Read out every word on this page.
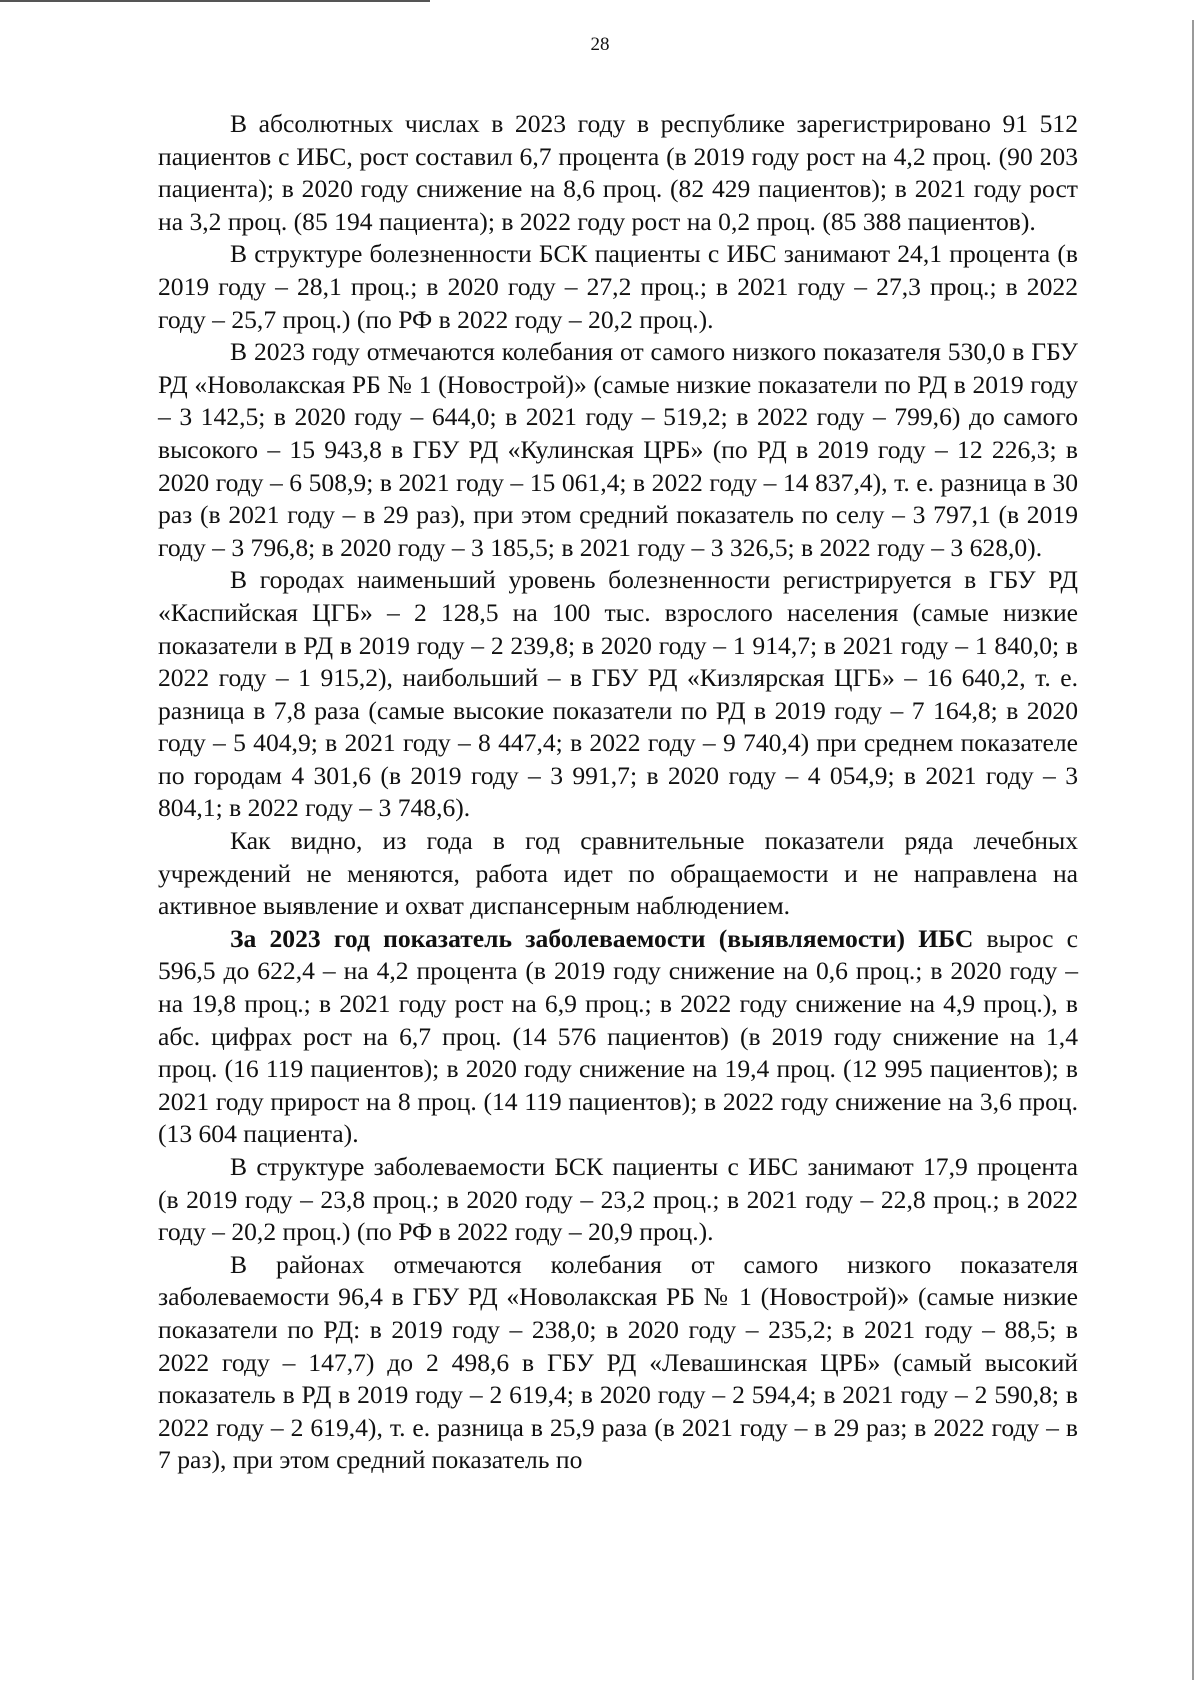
28

В абсолютных числах в 2023 году в республике зарегистрировано 91 512 пациентов с ИБС, рост составил 6,7 процента (в 2019 году рост на 4,2 проц. (90 203 пациента); в 2020 году снижение на 8,6 проц. (82 429 пациентов); в 2021 году рост на 3,2 проц. (85 194 пациента); в 2022 году рост на 0,2 проц. (85 388 пациентов).

В структуре болезненности БСК пациенты с ИБС занимают 24,1 процента (в 2019 году – 28,1 проц.; в 2020 году – 27,2 проц.; в 2021 году – 27,3 проц.; в 2022 году – 25,7 проц.) (по РФ в 2022 году – 20,2 проц.).

В 2023 году отмечаются колебания от самого низкого показателя 530,0 в ГБУ РД «Новолакская РБ № 1 (Новострой)» (самые низкие показатели по РД в 2019 году – 3 142,5; в 2020 году – 644,0; в 2021 году – 519,2; в 2022 году – 799,6) до самого высокого – 15 943,8 в ГБУ РД «Кулинская ЦРБ» (по РД в 2019 году – 12 226,3; в 2020 году – 6 508,9; в 2021 году – 15 061,4; в 2022 году – 14 837,4), т. е. разница в 30 раз (в 2021 году – в 29 раз), при этом средний показатель по селу – 3 797,1 (в 2019 году – 3 796,8; в 2020 году – 3 185,5; в 2021 году – 3 326,5; в 2022 году – 3 628,0).

В городах наименьший уровень болезненности регистрируется в ГБУ РД «Каспийская ЦГБ» – 2 128,5 на 100 тыс. взрослого населения (самые низкие показатели в РД в 2019 году – 2 239,8; в 2020 году – 1 914,7; в 2021 году – 1 840,0; в 2022 году – 1 915,2), наибольший – в ГБУ РД «Кизлярская ЦГБ» – 16 640,2, т. е. разница в 7,8 раза (самые высокие показатели по РД в 2019 году – 7 164,8; в 2020 году – 5 404,9; в 2021 году – 8 447,4; в 2022 году – 9 740,4) при среднем показателе по городам 4 301,6 (в 2019 году – 3 991,7; в 2020 году – 4 054,9; в 2021 году – 3 804,1; в 2022 году – 3 748,6).

Как видно, из года в год сравнительные показатели ряда лечебных учреждений не меняются, работа идет по обращаемости и не направлена на активное выявление и охват диспансерным наблюдением.

За 2023 год показатель заболеваемости (выявляемости) ИБС вырос с 596,5 до 622,4 – на 4,2 процента (в 2019 году снижение на 0,6 проц.; в 2020 году – на 19,8 проц.; в 2021 году рост на 6,9 проц.; в 2022 году снижение на 4,9 проц.), в абс. цифрах рост на 6,7 проц. (14 576 пациентов) (в 2019 году снижение на 1,4 проц. (16 119 пациентов); в 2020 году снижение на 19,4 проц. (12 995 пациентов); в 2021 году прирост на 8 проц. (14 119 пациентов); в 2022 году снижение на 3,6 проц. (13 604 пациента).

В структуре заболеваемости БСК пациенты с ИБС занимают 17,9 процента (в 2019 году – 23,8 проц.; в 2020 году – 23,2 проц.; в 2021 году – 22,8 проц.; в 2022 году – 20,2 проц.) (по РФ в 2022 году – 20,9 проц.).

В районах отмечаются колебания от самого низкого показателя заболеваемости 96,4 в ГБУ РД «Новолакская РБ № 1 (Новострой)» (самые низкие показатели по РД: в 2019 году – 238,0; в 2020 году – 235,2; в 2021 году – 88,5; в 2022 году – 147,7) до 2 498,6 в ГБУ РД «Левашинская ЦРБ» (самый высокий показатель в РД в 2019 году – 2 619,4; в 2020 году – 2 594,4; в 2021 году – 2 590,8; в 2022 году – 2 619,4), т. е. разница в 25,9 раза (в 2021 году – в 29 раз; в 2022 году – в 7 раз), при этом средний показатель по
